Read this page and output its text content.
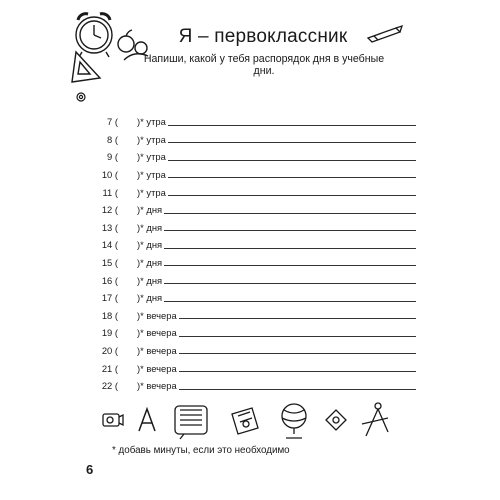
Я – первоклассник
Напиши, какой у тебя распорядок дня в учебные дни.
7 ( )* утра
8 ( )* утра
9 ( )* утра
10 ( )* утра
11 ( )* утра
12 ( )* дня
13 ( )* дня
14 ( )* дня
15 ( )* дня
16 ( )* дня
17 ( )* дня
18 ( )* вечера
19 ( )* вечера
20 ( )* вечера
21 ( )* вечера
22 ( )* вечера
* добавь минуты, если это необходимо
6
